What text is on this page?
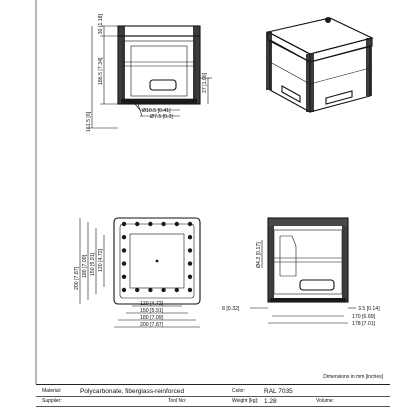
30 [1.18]
186.5 [7.34]
161.5 [6]
27 [1.06]
Ø10.5 [0.41]
Ø7.5 [0.3]
200 [7.87]
180 [7.09] 150 [5.91] 120 [4.72]
120 [4.72]
150 [5.91]
180 [7.09]
200 [7.87]
Ø4.2 [0.17]
8 [0.32]	3.5 [0.14]
170 [6.69]
178 [7.01]
Dimensions in mm [inches]
Material:	Polycarbonate, fiberglass-reinforced	Color:	RAL 7035
Supplier:	Tool No:	Weight [kg]: 1.28	Volume:
